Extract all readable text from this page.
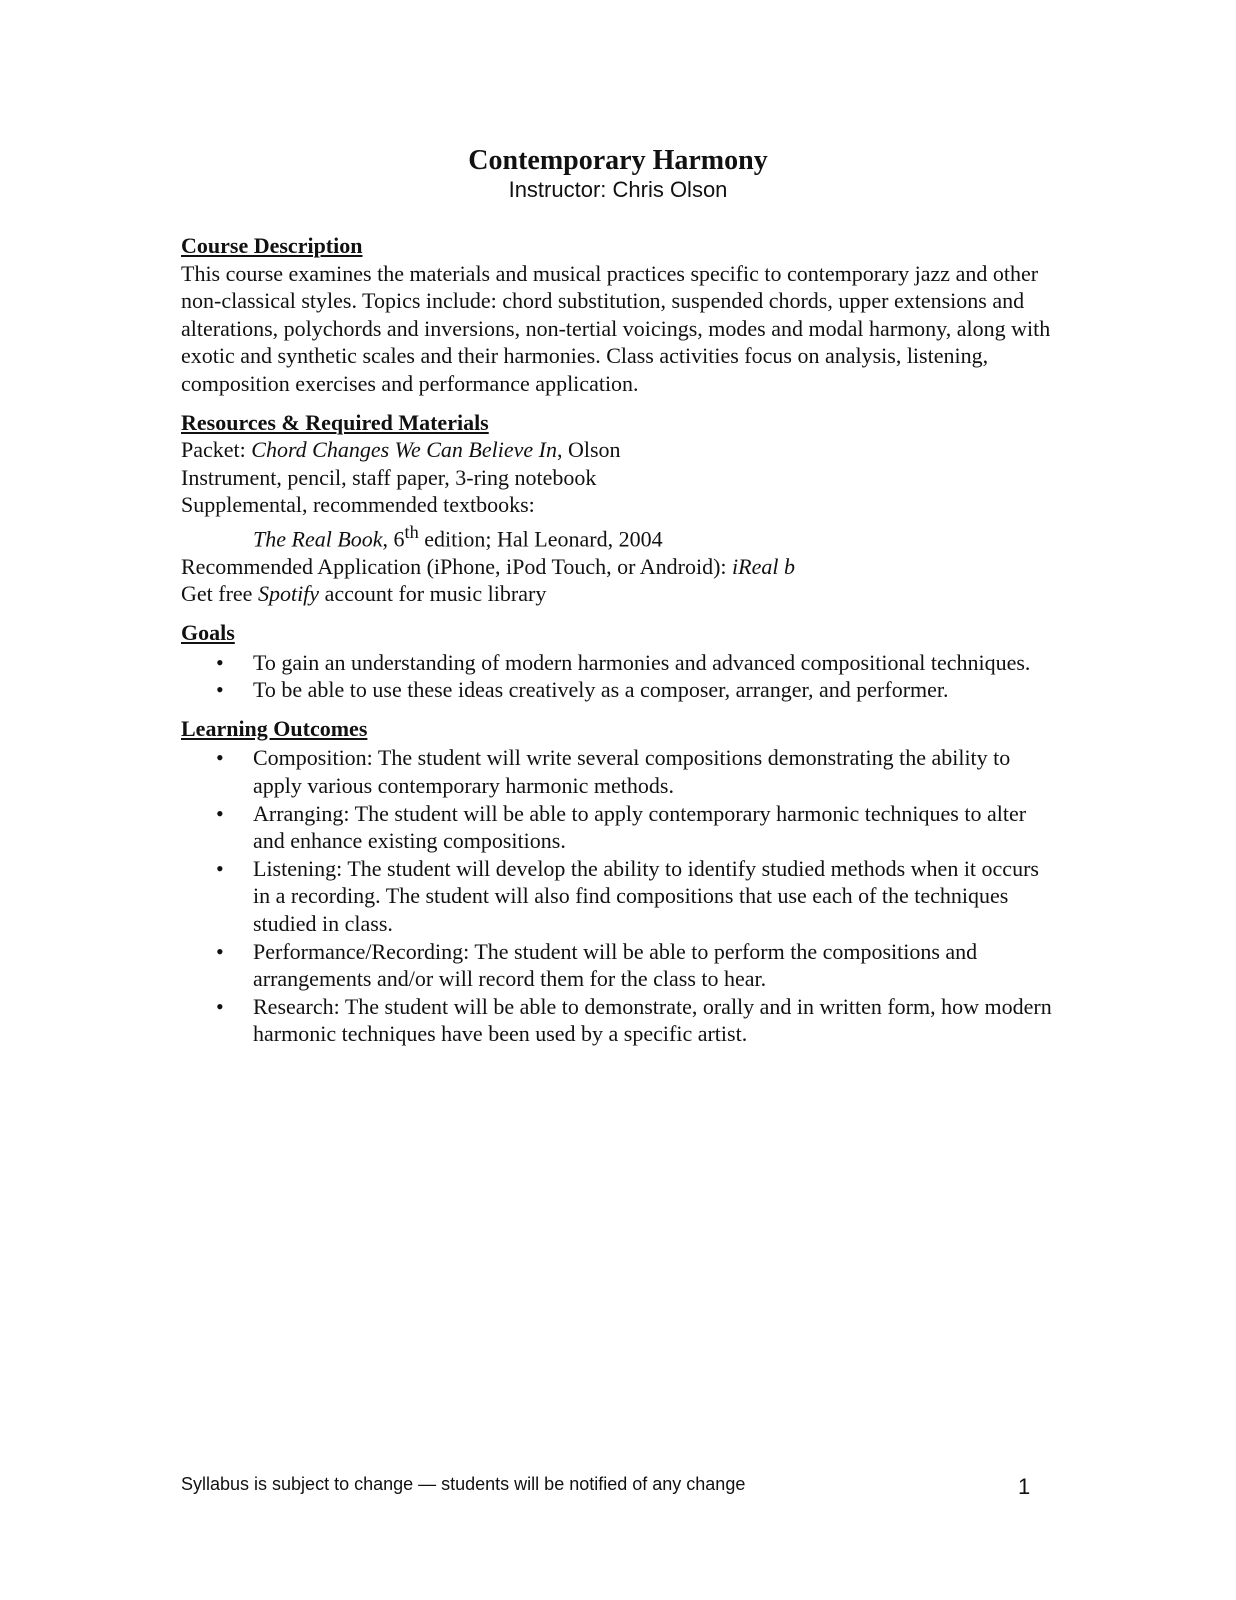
Contemporary Harmony
Instructor: Chris Olson
Course Description
This course examines the materials and musical practices specific to contemporary jazz and other non-classical styles. Topics include: chord substitution, suspended chords, upper extensions and alterations, polychords and inversions, non-tertial voicings, modes and modal harmony, along with exotic and synthetic scales and their harmonies. Class activities focus on analysis, listening, composition exercises and performance application.
Resources & Required Materials
Packet: Chord Changes We Can Believe In, Olson
Instrument, pencil, staff paper, 3-ring notebook
Supplemental, recommended textbooks:
The Real Book, 6th edition; Hal Leonard, 2004
Recommended Application (iPhone, iPod Touch, or Android): iReal b
Get free Spotify account for music library
Goals
• To gain an understanding of modern harmonies and advanced compositional techniques.
• To be able to use these ideas creatively as a composer, arranger, and performer.
Learning Outcomes
• Composition: The student will write several compositions demonstrating the ability to apply various contemporary harmonic methods.
• Arranging: The student will be able to apply contemporary harmonic techniques to alter and enhance existing compositions.
• Listening: The student will develop the ability to identify studied methods when it occurs in a recording. The student will also find compositions that use each of the techniques studied in class.
• Performance/Recording: The student will be able to perform the compositions and arrangements and/or will record them for the class to hear.
• Research: The student will be able to demonstrate, orally and in written form, how modern harmonic techniques have been used by a specific artist.
Syllabus is subject to change — students will be notified of any change	1
